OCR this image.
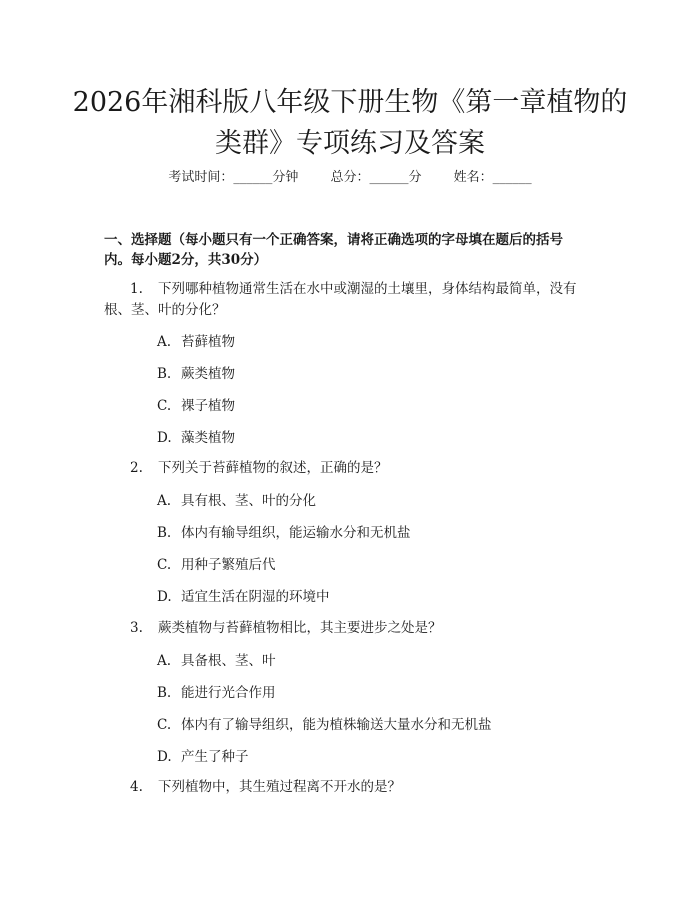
2026年湘科版八年级下册生物《第一章植物的类群》专项练习及答案
考试时间：______分钟 总分：______分 姓名：______

一、选择题（每小题只有一个正确答案，请将正确选项的字母填在题后的括号内。每小题2分，共30分）

1. 下列哪种植物通常生活在水中或潮湿的土壤里，身体结构最简单，没有根、茎、叶的分化？

A. 苔藓植物
B. 蕨类植物
C. 裸子植物
D. 藻类植物

2. 下列关于苔藓植物的叙述，正确的是？

A. 具有根、茎、叶的分化
B. 体内有输导组织，能运输水分和无机盐
C. 用种子繁殖后代
D. 适宜生活在阴湿的环境中

3. 蕨类植物与苔藓植物相比，其主要进步之处是？

A. 具备根、茎、叶
B. 能进行光合作用
C. 体内有了输导组织，能为植株输送大量水分和无机盐
D. 产生了种子

4. 下列植物中，其生殖过程离不开水的是？
